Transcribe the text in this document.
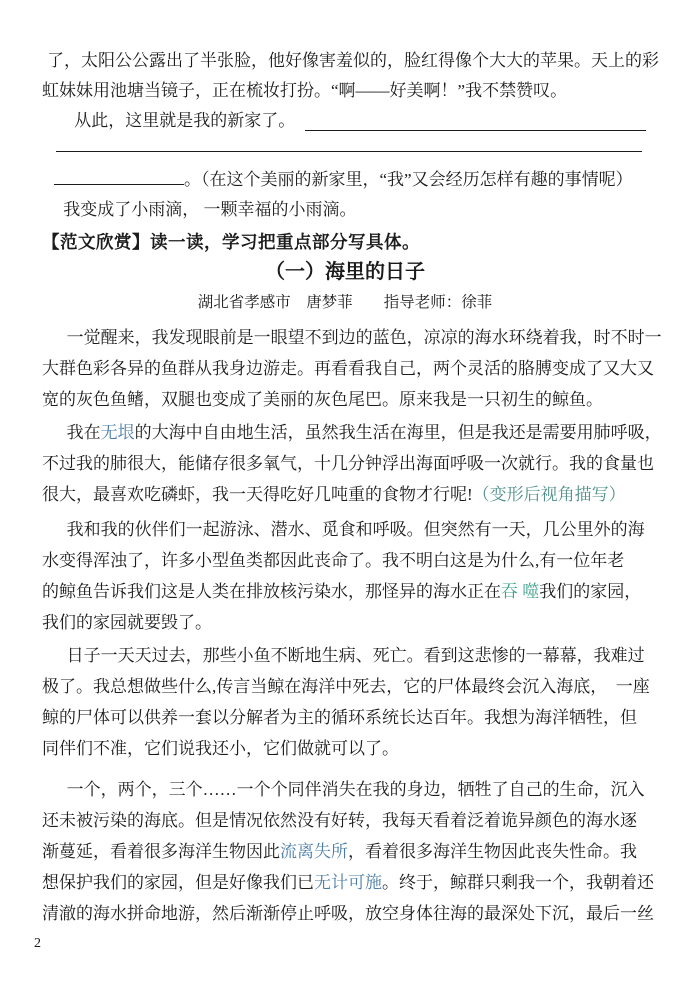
了，太阳公公露出了半张脸，他好像害羞似的，脸红得像个大大的苹果。天上的彩
虹妹妹用池塘当镜子，正在梳妆打扮。“啊——好美啊！”我不禁赞叹。
从此，这里就是我的新家了。
。（在这个美丽的新家里，“我”又会经历怎样有趣的事情呢）
我变成了小雨滴， 一颗幸福的小雨滴。
【范文欣赏】读一读，学习把重点部分写具体。
（一）海里的日子
湖北省孝感市　唐梦菲　　指导老师：徐菲
一觉醒来，我发现眼前是一眼望不到边的蓝色，凉凉的海水环绕着我，时不时一
大群色彩各异的鱼群从我身边游走。再看看我自己，两个灵活的胳膊变成了又大又
宽的灰色鱼鳍，双腿也变成了美丽的灰色尾巴。原来我是一只初生的鲸鱼。
我在无垠的大海中自由地生活，虽然我生活在海里，但是我还是需要用肺呼吸，
不过我的肺很大，能储存很多氧气，十几分钟浮出海面呼吸一次就行。我的食量也
很大，最喜欢吃磷虾，我一天得吃好几吨重的食物才行呢!（变形后视角描写）
我和我的伙伴们一起游泳、潜水、觅食和呼吸。但突然有一天，几公里外的海
水变得浑浊了，许多小型鱼类都因此丧命了。我不明白这是为什么,有一位年老
的鲸鱼告诉我们这是人类在排放核污染水，那怪异的海水正在吞 噬我们的家园，
我们的家园就要毁了。
日子一天天过去，那些小鱼不断地生病、死亡。看到这悲惨的一幕幕，我难过
极了。我总想做些什么,传言当鲸在海洋中死去，它的尸体最终会沉入海底，　一座
鲸的尸体可以供养一套以分解者为主的循环系统长达百年。我想为海洋牺牲，但
同伴们不准，它们说我还小，它们做就可以了。
一个，两个，三个……一个个同伴消失在我的身边，牺牲了自己的生命，沉入
还未被污染的海底。但是情况依然没有好转，我每天看着泛着诡异颜色的海水逐
渐蔓延，看着很多海洋生物因此流离失所，看着很多海洋生物因此丧失性命。我
想保护我们的家园，但是好像我们已无计可施。终于，鲸群只剩我一个，我朝着还
清澈的海水拼命地游，然后渐渐停止呼吸，放空身体往海的最深处下沉，最后一丝
2
